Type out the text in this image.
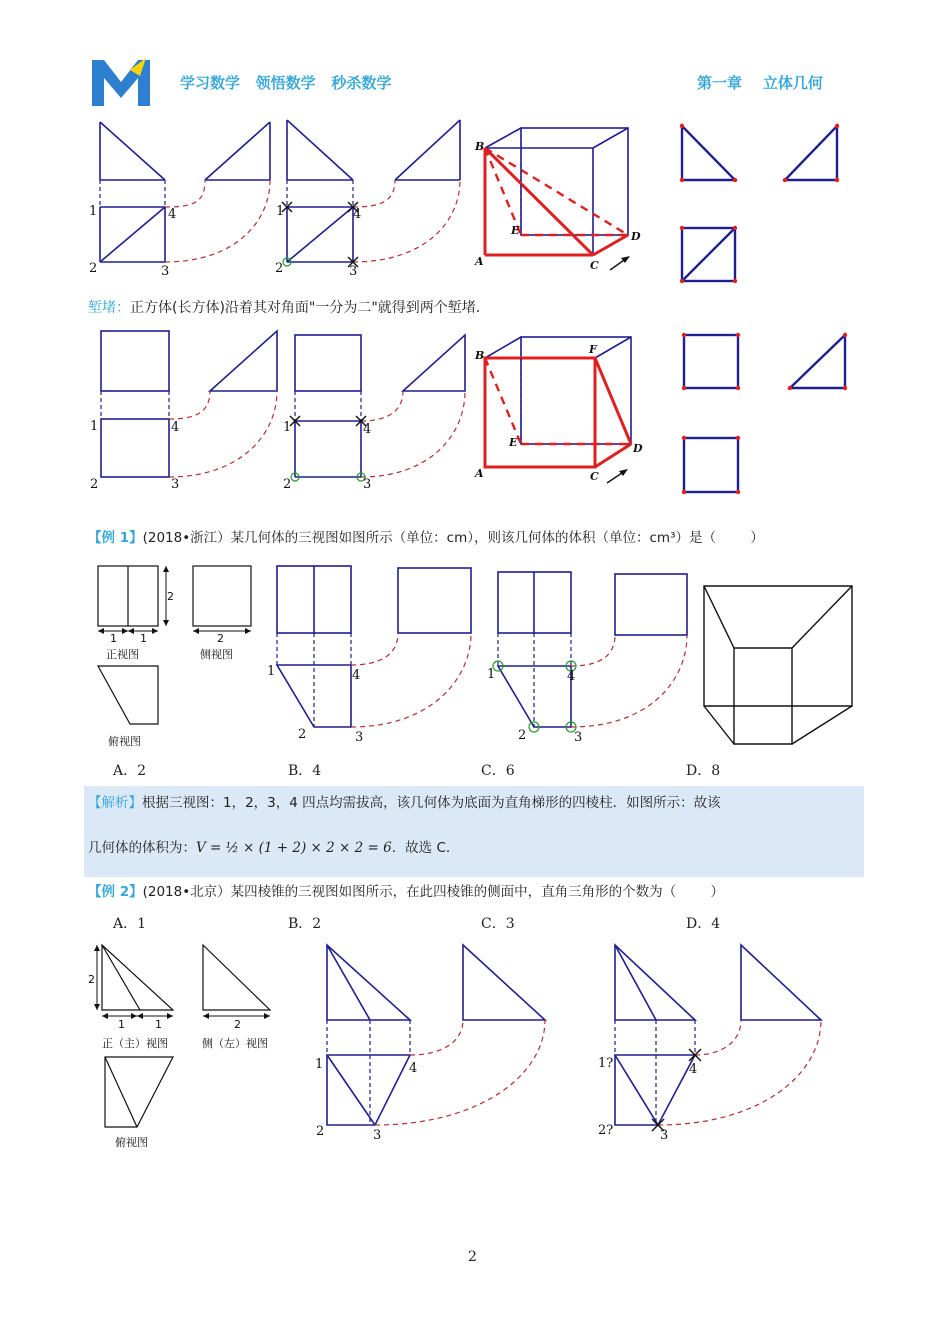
学习数学   领悟数学   秒杀数学	第一章    立体几何
1
2	3
4	1
2	3
4
B
E
A	C
D
堑堵：正方体(长方体)沿着其对角面"一分为二"就得到两个堑堵.
1
2	3
4	1
2	3
4
B	F
E
A	C
D
【例 1】(2018•浙江）某几何体的三视图如图所示（单位：cm），则该几何体的体积（单位：cm³）是（        ）
2
1 1	2
正视图	侧视图
俯视图
1
2	3
4	1
2	3
4
A．2	B．4	C．6	D．8
【解析】根据三视图：1，2，3，4 四点均需拔高，该几何体为底面为直角梯形的四棱柱．如图所示：故该
几何体的体积为：V = ½ × (1 + 2) × 2 × 2 = 6．故选 C.
【例 2】(2018•北京）某四棱锥的三视图如图所示，在此四棱锥的侧面中，直角三角形的个数为（        ）
A．1	B．2	C．3	D．4
2
1	1	2
正（主）视图	侧（左）视图
俯视图
1
2	3
4	1?
2?	3
4
2
